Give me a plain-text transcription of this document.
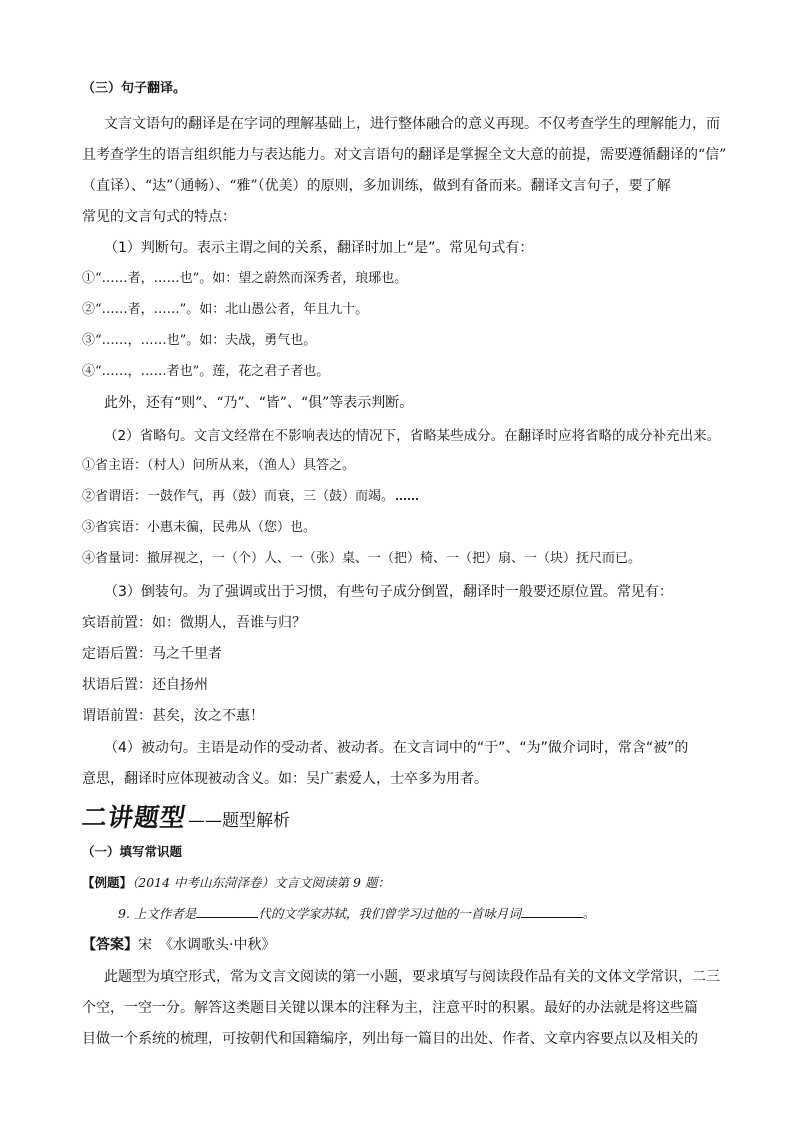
（三）句子翻译。
文言文语句的翻译是在字词的理解基础上，进行整体融合的意义再现。不仅考查学生的理解能力，而
且考查学生的语言组织能力与表达能力。对文言语句的翻译是掌握全文大意的前提，需要遵循翻译的“信”
（直译）、“达”（通畅）、“雅”（优美）的原则，多加训练，做到有备而来。翻译文言句子，要了解
常见的文言句式的特点：
（1）判断句。表示主谓之间的关系，翻译时加上“是”。常见句式有：
①“……者，……也”。如：望之蔚然而深秀者，琅琊也。
②“……者，……”。如：北山愚公者，年且九十。
③“……，……也”。如：夫战，勇气也。
④“……，……者也”。莲，花之君子者也。
此外，还有“则”、“乃”、“皆”、“俱”等表示判断。
（2）省略句。文言文经常在不影响表达的情况下，省略某些成分。在翻译时应将省略的成分补充出来。
①省主语：（村人）问所从来，（渔人）具答之。
②省谓语：一鼓作气，再（鼓）而衰，三（鼓）而竭。
③省宾语：小惠未徧，民弗从（您）也。
④省量词：撤屏视之，一（个）人、一（张）桌、一（把）椅、一（把）扇、一（块）抚尺而已。
（3）倒装句。为了强调或出于习惯，有些句子成分倒置，翻译时一般要还原位置。常见有：
宾语前置：如：微期人，吾谁与归？
定语后置：马之千里者
状语后置：还自扬州
谓语前置：甚矣，汝之不惠！
（4）被动句。主语是动作的受动者、被动者。在文言词中的“于”、“为”做介词时，常含“被”的
意思，翻译时应体现被动含义。如：吴广素爱人，士卒多为用者。
二讲题型——题型解析
（一）填写常识题
【例题】（2014 中考山东菏泽卷）文言文阅读第 9 题：
9. 上文作者是	代的文学家苏轼，我们曾学习过他的一首咏月词	。
【答案】宋　《水调歌头·中秋》
此题型为填空形式，常为文言文阅读的第一小题，要求填写与阅读段作品有关的文体文学常识，二三
个空，一空一分。解答这类题目关键以课本的注释为主，注意平时的积累。最好的办法就是将这些篇
目做一个系统的梳理，可按朝代和国籍编序，列出每一篇目的出处、作者、文章内容要点以及相关的
